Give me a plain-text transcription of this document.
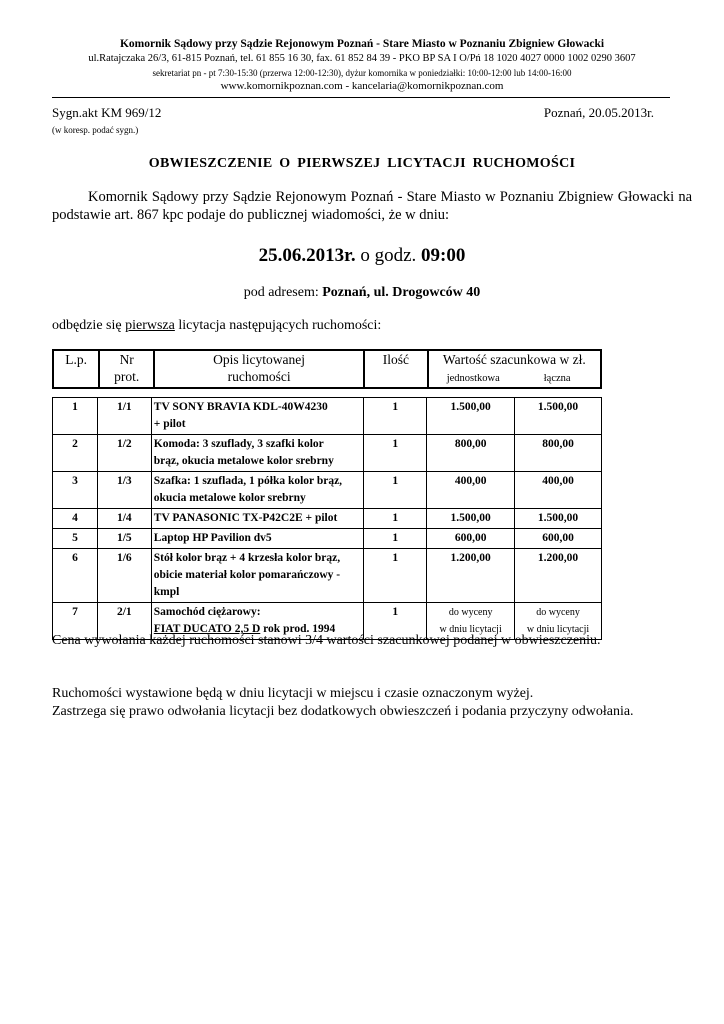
Komornik Sądowy przy Sądzie Rejonowym Poznań - Stare Miasto w Poznaniu Zbigniew Głowacki
ul.Ratajczaka 26/3, 61-815 Poznań, tel. 61 855 16 30, fax. 61 852 84 39 - PKO BP SA I O/Pń 18 1020 4027 0000 1002 0290 3607
sekretariat pn - pt 7:30-15:30 (przerwa 12:00-12:30), dyżur komornika w poniedziałki: 10:00-12:00 lub 14:00-16:00
www.komornikpoznan.com - kancelaria@komornikpoznan.com
Sygn.akt KM 969/12
(w koresp. podać sygn.)
Poznań, 20.05.2013r.
OBWIESZCZENIE O PIERWSZEJ LICYTACJI RUCHOMOŚCI
Komornik Sądowy przy Sądzie Rejonowym Poznań - Stare Miasto w Poznaniu Zbigniew Głowacki na podstawie art. 867 kpc podaje do publicznej wiadomości, że w dniu:
25.06.2013r. o godz. 09:00
pod adresem: Poznań, ul. Drogowców 40
odbędzie się pierwsza licytacja następujących ruchomości:
L.p.	Nr
prot.	Opis licytowanej
ruchomości	Ilość	Wartość szacunkowa w zł.
jednostkowa	łączna
1	1/1	TV SONY BRAVIA KDL-40W4230
+ pilot	1	1.500,00	1.500,00
2	1/2	Komoda: 3 szuflady, 3 szafki kolor
brąz, okucia metalowe kolor srebrny	1	800,00	800,00
3	1/3	Szafka: 1 szuflada, 1 półka kolor brąz,
okucia metalowe kolor srebrny	1	400,00	400,00
4	1/4	TV PANASONIC TX-P42C2E + pilot	1	1.500,00	1.500,00
5	1/5	Laptop HP Pavilion dv5	1	600,00	600,00
6	1/6	Stół kolor brąz + 4 krzesła kolor brąz,
obicie materiał kolor pomarańczowy -
kmpl	1	1.200,00	1.200,00
7	2/1	Samochód ciężarowy:
FIAT DUCATO 2,5 D rok prod. 1994	1	do wyceny
w dniu licytacji	do wyceny
w dniu licytacji
Cena wywołania każdej ruchomości stanowi 3/4 wartości szacunkowej podanej w obwieszczeniu.
Ruchomości wystawione będą w dniu licytacji w miejscu i czasie oznaczonym wyżej.
Zastrzega się prawo odwołania licytacji bez dodatkowych obwieszczeń i podania przyczyny odwołania.
